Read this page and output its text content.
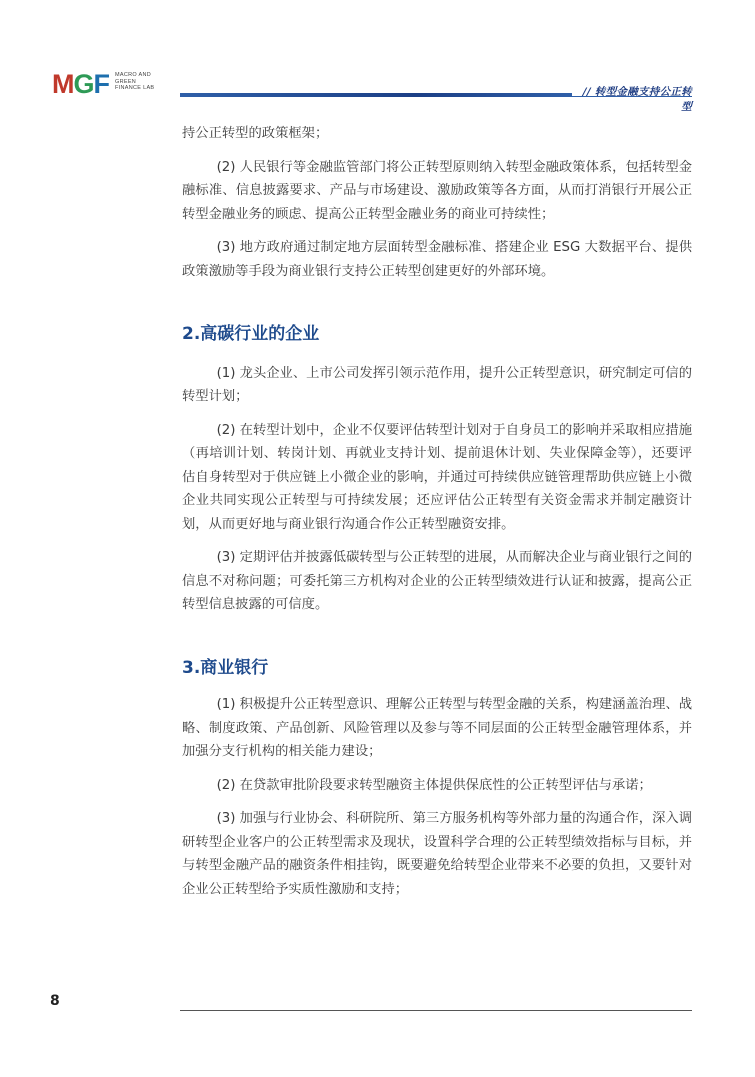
MGF MACRO AND
GREEN
FINANCE LAB	// 转型金融支持公正转型

持公正转型的政策框架；

(2) 人民银行等金融监管部门将公正转型原则纳入转型金融政策体系，包括转型金融标准、信息披露要求、产品与市场建设、激励政策等各方面，从而打消银行开展公正转型金融业务的顾虑、提高公正转型金融业务的商业可持续性；

(3) 地方政府通过制定地方层面转型金融标准、搭建企业 ESG 大数据平台、提供政策激励等手段为商业银行支持公正转型创建更好的外部环境。

2.高碳行业的企业

(1) 龙头企业、上市公司发挥引领示范作用，提升公正转型意识，研究制定可信的转型计划；

(2) 在转型计划中，企业不仅要评估转型计划对于自身员工的影响并采取相应措施（再培训计划、转岗计划、再就业支持计划、提前退休计划、失业保障金等），还要评估自身转型对于供应链上小微企业的影响，并通过可持续供应链管理帮助供应链上小微企业共同实现公正转型与可持续发展；还应评估公正转型有关资金需求并制定融资计划，从而更好地与商业银行沟通合作公正转型融资安排。

(3) 定期评估并披露低碳转型与公正转型的进展，从而解决企业与商业银行之间的信息不对称问题；可委托第三方机构对企业的公正转型绩效进行认证和披露，提高公正转型信息披露的可信度。

3.商业银行

(1) 积极提升公正转型意识、理解公正转型与转型金融的关系，构建涵盖治理、战略、制度政策、产品创新、风险管理以及参与等不同层面的公正转型金融管理体系，并加强分支行机构的相关能力建设；

(2) 在贷款审批阶段要求转型融资主体提供保底性的公正转型评估与承诺；

(3) 加强与行业协会、科研院所、第三方服务机构等外部力量的沟通合作，深入调研转型企业客户的公正转型需求及现状，设置科学合理的公正转型绩效指标与目标，并与转型金融产品的融资条件相挂钩，既要避免给转型企业带来不必要的负担，又要针对企业公正转型给予实质性激励和支持；

8
